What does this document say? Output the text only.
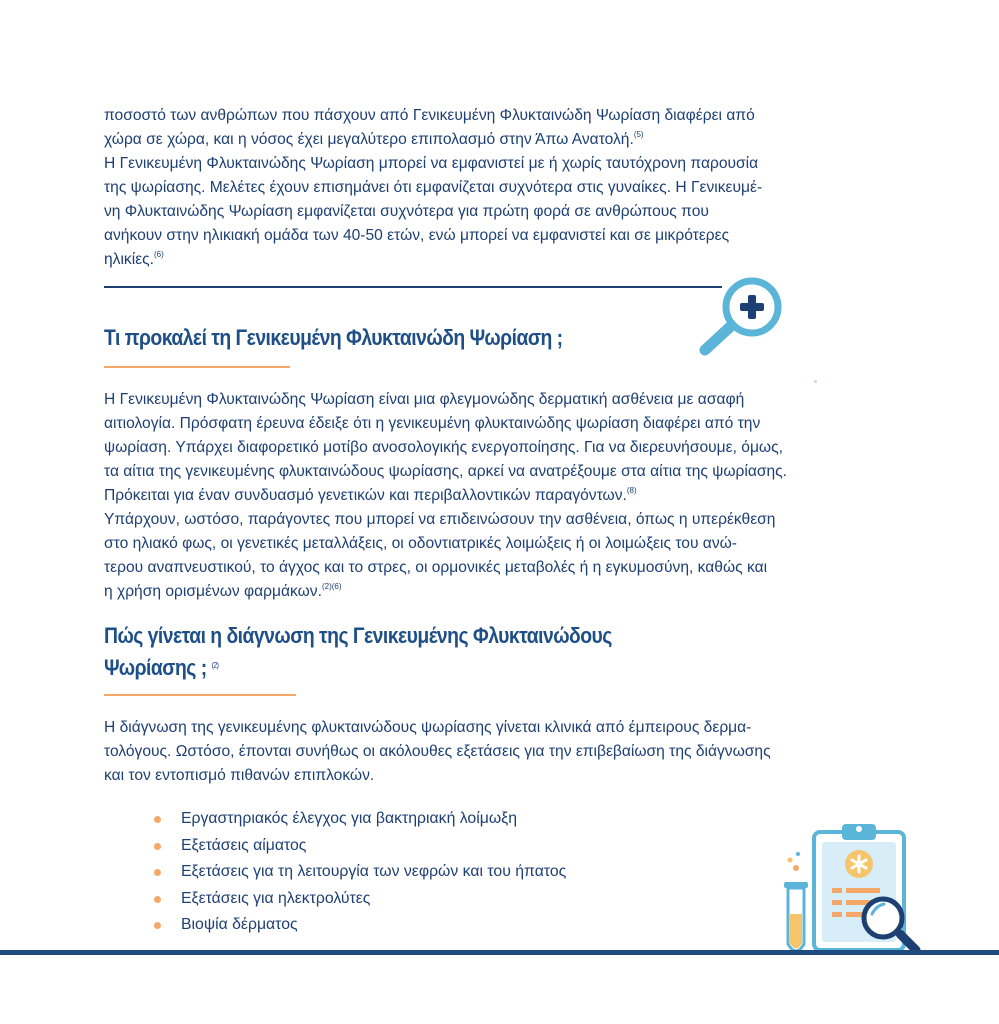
ποσοστό των ανθρώπων που πάσχουν από Γενικευμένη Φλυκταινώδη Ψωρίαση διαφέρει από
χώρα σε χώρα, και η νόσος έχει μεγαλύτερο επιπολασμό στην Άπω Ανατολή.$^{(5)}$
Η Γενικευμένη Φλυκταινώδης Ψωρίαση μπορεί να εμφανιστεί με ή χωρίς ταυτόχρονη παρουσία
της ψωρίασης. Μελέτες έχουν επισημάνει ότι εμφανίζεται συχνότερα στις γυναίκες. Η Γενικευμέ-
νη Φλυκταινώδης Ψωρίαση εμφανίζεται συχνότερα για πρώτη φορά σε ανθρώπους που
ανήκουν στην ηλικιακή ομάδα των 40-50 ετών, ενώ μπορεί να εμφανιστεί και σε μικρότερες
ηλικίες.$^{(6)}$
Τι προκαλεί τη Γενικευμένη Φλυκταινώδη Ψωρίαση ;
Η Γενικευμένη Φλυκταινώδης Ψωρίαση είναι μια φλεγμονώδης δερματική ασθένεια με ασαφή
αιτιολογία. Πρόσφατη έρευνα έδειξε ότι η γενικευμένη φλυκταινώδης ψωρίαση διαφέρει από την
ψωρίαση. Υπάρχει διαφορετικό μοτίβο ανοσολογικής ενεργοποίησης. Για να διερευνήσουμε, όμως,
τα αίτια της γενικευμένης φλυκταινώδους ψωρίασης, αρκεί να ανατρέξουμε στα αίτια της ψωρίασης.
Πρόκειται για έναν συνδυασμό γενετικών και περιβαλλοντικών παραγόντων.$^{(8)}$
Υπάρχουν, ωστόσο, παράγοντες που μπορεί να επιδεινώσουν την ασθένεια, όπως η υπερέκθεση
στο ηλιακό φως, οι γενετικές μεταλλάξεις, οι οδοντιατρικές λοιμώξεις ή οι λοιμώξεις του ανώ-
τερου αναπνευστικού, το άγχος και το στρες, οι ορμονικές μεταβολές ή η εγκυμοσύνη, καθώς και
η χρήση ορισμένων φαρμάκων.$^{(2)(6)}$
Πώς γίνεται η διάγνωση της Γενικευμένης Φλυκταινώδους
Ψωρίασης ; $^{(2)}$
Η διάγνωση της γενικευμένης φλυκταινώδους ψωρίασης γίνεται κλινικά από έμπειρους δερμα-
τολόγους. Ωστόσο, έπονται συνήθως οι ακόλουθες εξετάσεις για την επιβεβαίωση της διάγνωσης
και τον εντοπισμό πιθανών επιπλοκών.
Εργαστηριακός έλεγχος για βακτηριακή λοίμωξη
Εξετάσεις αίματος
Εξετάσεις για τη λειτουργία των νεφρών και του ήπατος
Εξετάσεις για ηλεκτρολύτες
Βιοψία δέρματος
